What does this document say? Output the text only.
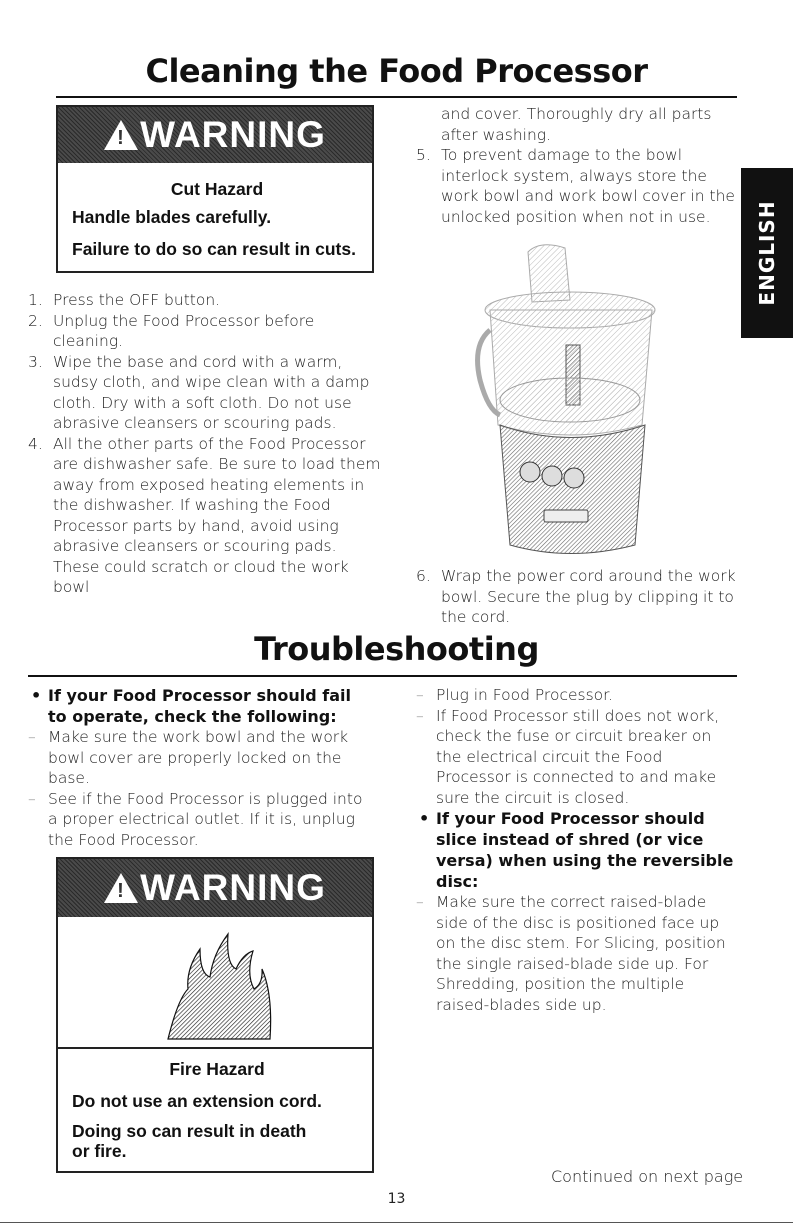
Cleaning the Food Processor
!
WARNING
Cut Hazard
Handle blades carefully.
Failure to do so can result in cuts.
1. Press the OFF button.
2. Unplug the Food Processor before cleaning.
3. Wipe the base and cord with a warm, sudsy cloth, and wipe clean with a damp cloth. Dry with a soft cloth. Do not use abrasive cleansers or scouring pads.
4. All the other parts of the Food Processor are dishwasher safe. Be sure to load them away from exposed heating elements in the dishwasher. If washing the Food Processor parts by hand, avoid using abrasive cleansers or scouring pads. These could scratch or cloud the work bowl
and cover. Thoroughly dry all parts after washing.
5. To prevent damage to the bowl interlock system, always store the work bowl and work bowl cover in the unlocked position when not in use.
6. Wrap the power cord around the work bowl. Secure the plug by clipping it to the cord.
ENGLISH
Troubleshooting
• If your Food Processor should fail to operate, check the following:
– Make sure the work bowl and the work bowl cover are properly locked on the base.
– See if the Food Processor is plugged into a proper electrical outlet. If it is, unplug the Food Processor.
!
WARNING
Fire Hazard
Do not use an extension cord.
Doing so can result in death or fire.
– Plug in Food Processor.
– If Food Processor still does not work, check the fuse or circuit breaker on the electrical circuit the Food Processor is connected to and make sure the circuit is closed.
• If your Food Processor should slice instead of shred (or vice versa) when using the reversible disc:
– Make sure the correct raised-blade side of the disc is positioned face up on the disc stem. For Slicing, position the single raised-blade side up. For Shredding, position the multiple raised-blades side up.
Continued on next page
13
